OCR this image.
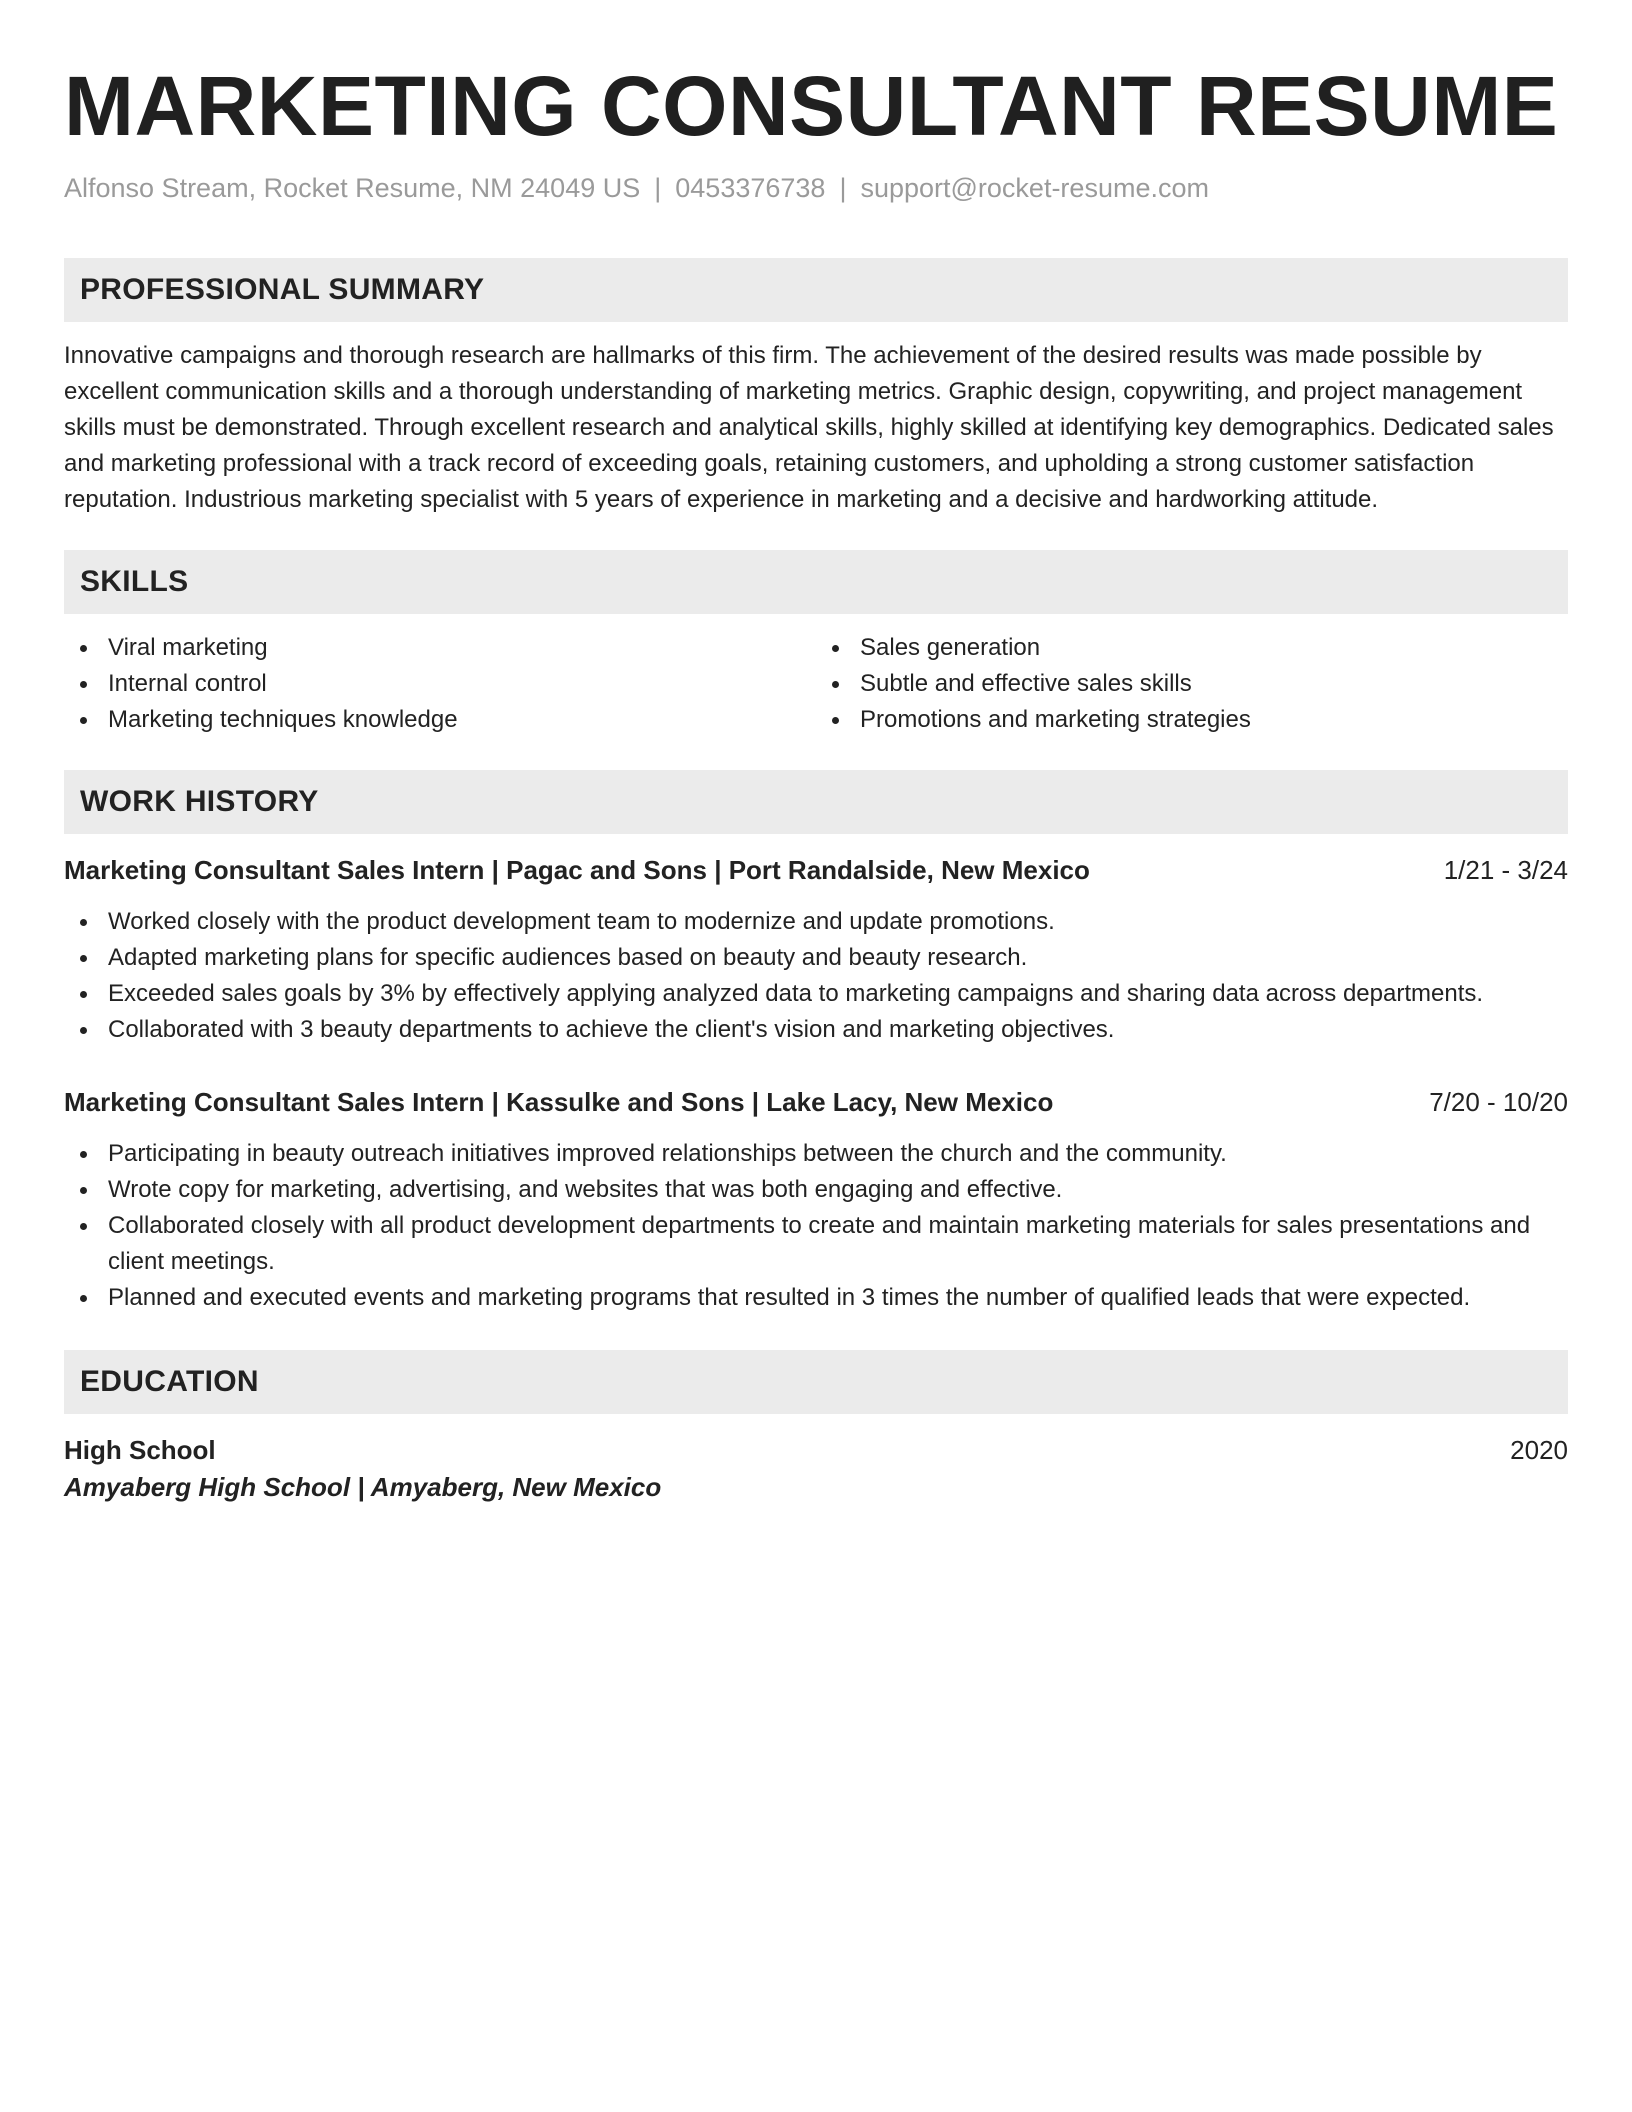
MARKETING CONSULTANT RESUME
Alfonso Stream, Rocket Resume, NM 24049 US | 0453376738 | support@rocket-resume.com
PROFESSIONAL SUMMARY
Innovative campaigns and thorough research are hallmarks of this firm. The achievement of the desired results was made possible by excellent communication skills and a thorough understanding of marketing metrics. Graphic design, copywriting, and project management skills must be demonstrated. Through excellent research and analytical skills, highly skilled at identifying key demographics. Dedicated sales and marketing professional with a track record of exceeding goals, retaining customers, and upholding a strong customer satisfaction reputation. Industrious marketing specialist with 5 years of experience in marketing and a decisive and hardworking attitude.
SKILLS
Viral marketing
Internal control
Marketing techniques knowledge
Sales generation
Subtle and effective sales skills
Promotions and marketing strategies
WORK HISTORY
Marketing Consultant Sales Intern | Pagac and Sons | Port Randalside, New Mexico	1/21 - 3/24
Worked closely with the product development team to modernize and update promotions.
Adapted marketing plans for specific audiences based on beauty and beauty research.
Exceeded sales goals by 3% by effectively applying analyzed data to marketing campaigns and sharing data across departments.
Collaborated with 3 beauty departments to achieve the client's vision and marketing objectives.
Marketing Consultant Sales Intern | Kassulke and Sons | Lake Lacy, New Mexico	7/20 - 10/20
Participating in beauty outreach initiatives improved relationships between the church and the community.
Wrote copy for marketing, advertising, and websites that was both engaging and effective.
Collaborated closely with all product development departments to create and maintain marketing materials for sales presentations and client meetings.
Planned and executed events and marketing programs that resulted in 3 times the number of qualified leads that were expected.
EDUCATION
High School	2020
Amyaberg High School | Amyaberg, New Mexico
